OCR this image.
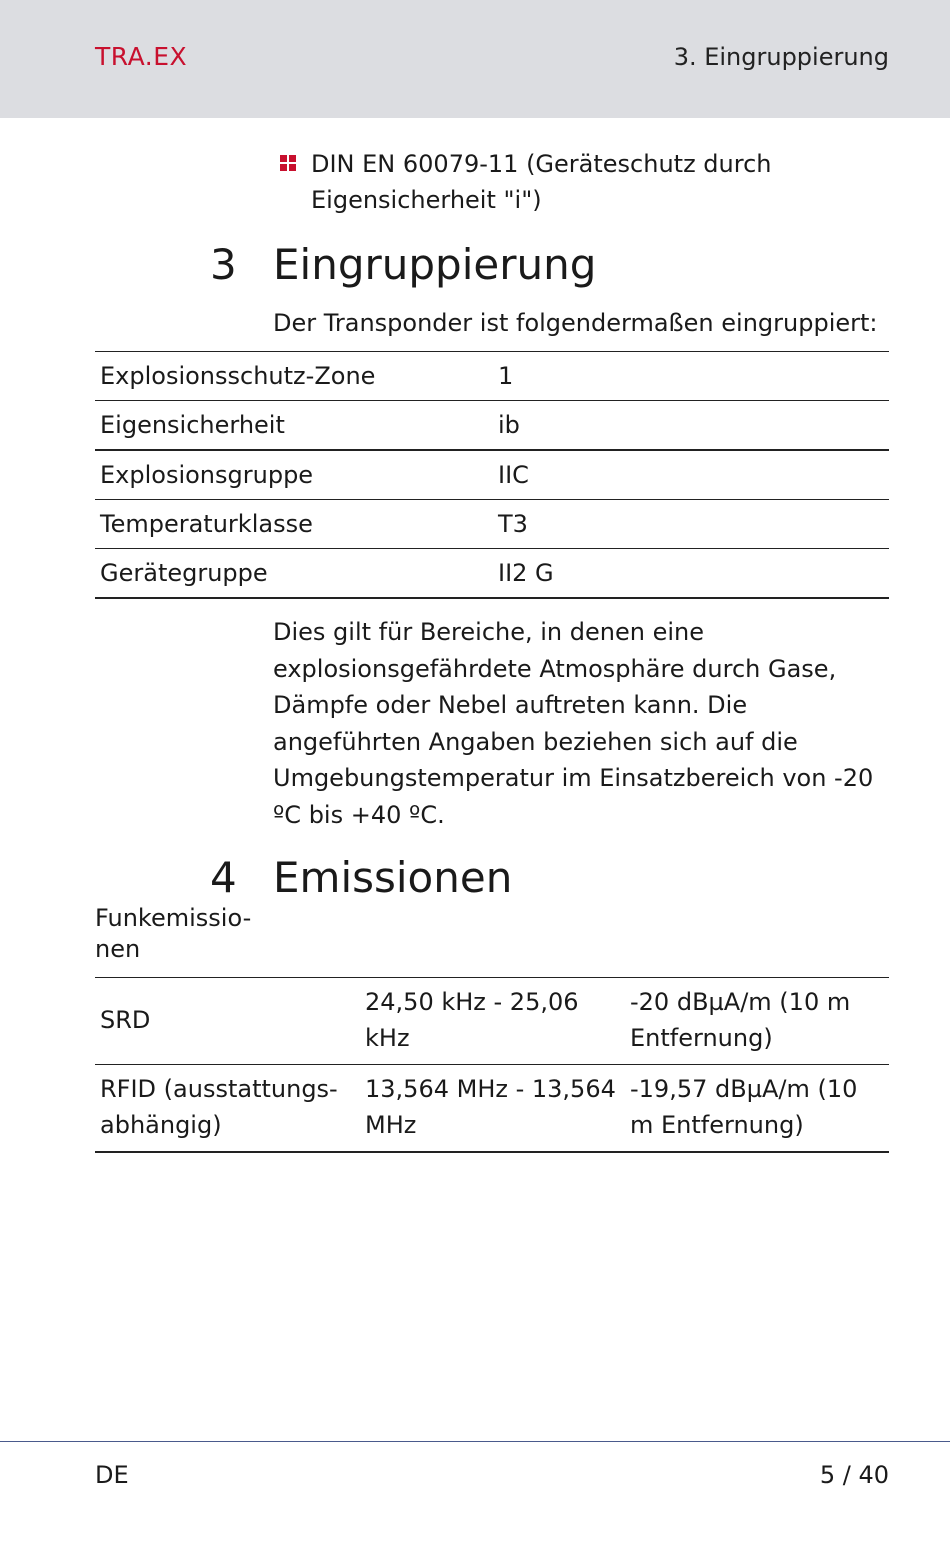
TRA.EX	3. Eingruppierung
DIN EN 60079-11 (Geräteschutz durch Eigensicherheit "i")
3 Eingruppierung
Der Transponder ist folgendermaßen eingruppiert:
Explosionsschutz-Zone	1
Eigensicherheit	ib
Explosionsgruppe	IIC
Temperaturklasse	T3
Gerätegruppe	II2 G
Dies gilt für Bereiche, in denen eine explosionsgefährdete Atmosphäre durch Gase, Dämpfe oder Nebel auftreten kann. Die angeführten Angaben beziehen sich auf die Umgebungstemperatur im Einsatzbereich von -20 ºC bis +40 ºC.
4 Emissionen
Funkemissio-nen
SRD	24,50 kHz - 25,06 kHz	-20 dBµA/m (10 m Entfernung)
RFID (ausstattungs-abhängig)	13,564 MHz - 13,564 MHz	-19,57 dBµA/m (10 m Entfernung)
DE	5 / 40
